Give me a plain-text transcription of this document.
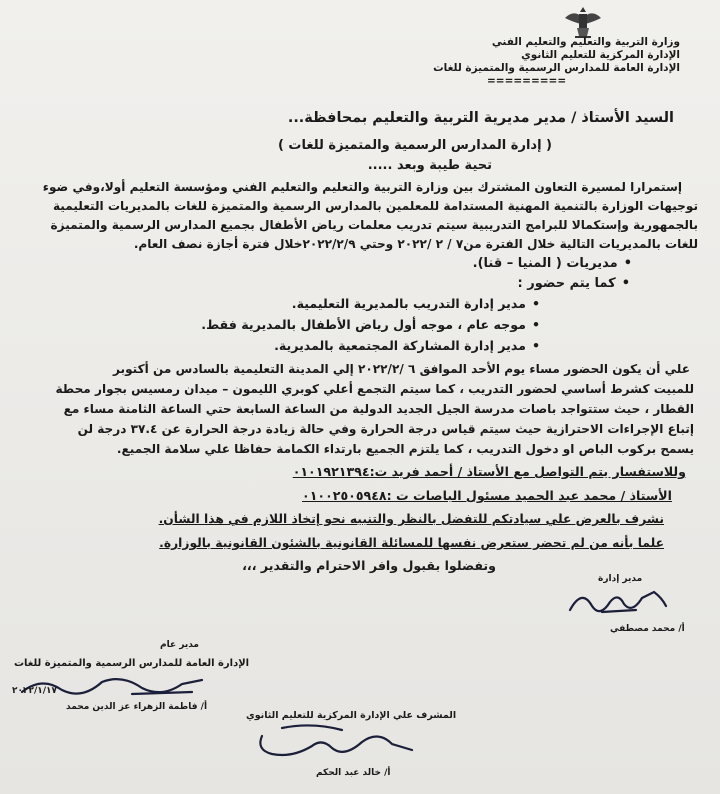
وزارة التربية والتعليم والتعليم الفني
الإدارة المركزية للتعليم الثانوي
الإدارة العامة للمدارس الرسمية والمتميزة للغات
=========
السيد الأستاذ / مدير مديرية التربية والتعليم بمحافظة...
( إدارة المدارس الرسمية والمتميزة للغات )
تحية طيبة وبعد .....
إستمرارا لمسيرة التعاون المشترك بين وزارة التربية والتعليم والتعليم الفني ومؤسسة التعليم أولا،وفي ضوء
توجيهات الوزارة بالتنمية المهنية المستدامة للمعلمين بالمدارس الرسمية والمتميزة للغات بالمديريات التعليمية
بالجمهورية وإستكمالا للبرامج التدريبية سيتم تدريب معلمات رياض الأطفال بجميع المدارس الرسمية والمتميزة
للغات بالمديريات التالية خلال الفترة من٧ / ٢ /٢٠٢٢ وحتي ٢٠٢٢/٢/٩خلال فترة أجازة نصف العام.
• مديريات ( المنيا – قنا).
• كما يتم حضور :
• مدير إدارة التدريب بالمديرية التعليمية.
• موجه عام ، موجه أول رياض الأطفال بالمديرية فقط.
• مدير إدارة المشاركة المجتمعية بالمديرية.
علي أن يكون الحضور مساء يوم الأحد الموافق ٦ /٢٠٢٢/٢ إلي المدينة التعليمية بالسادس من أكتوبر
للمبيت كشرط أساسي لحضور التدريب ، كما سيتم التجمع أعلي كوبري الليمون – ميدان رمسيس بجوار محطة
القطار ، حيث ستتواجد باصات مدرسة الجيل الجديد الدولية من الساعة السابعة حتي الساعة الثامنة مساء مع
إتباع الإجراءات الاحترازية حيث سيتم قياس درجة الحرارة وفي حالة زيادة درجة الحرارة عن ٣٧.٤ درجة لن
يسمح بركوب الباص او دخول التدريب ، كما يلتزم الجميع بارتداء الكمامة حفاظا علي سلامة الجميع.
وللاستفسار يتم التواصل مع الأستاذ / أحمد فريد ت:٠١٠١٩٢١٣٩٤
الأستاذ / محمد عبد الحميد مسئول الباصات ت :٠١٠٠٢٥٠٥٩٤٨
نشرف بالعرض علي سيادتكم للتفضل بالنظر والتنبيه نحو إتخاذ اللازم في هذا الشأن.
علما بأنه من لم تحضر ستعرض نفسها للمسائلة القانونية بالشئون القانونية بالوزارة.
وتفضلوا بقبول وافر الاحترام والتقدير ،،،
مدير إدارة
أ/ محمد مصطفي
مدير عام
الإدارة العامة للمدارس الرسمية والمتميزة للغات
٢٠٢٢/١/١٧
أ/ فاطمة الزهراء عز الدين محمد
المشرف علي الإدارة المركزية للتعليم الثانوي
أ/ خالد عبد الحكم
